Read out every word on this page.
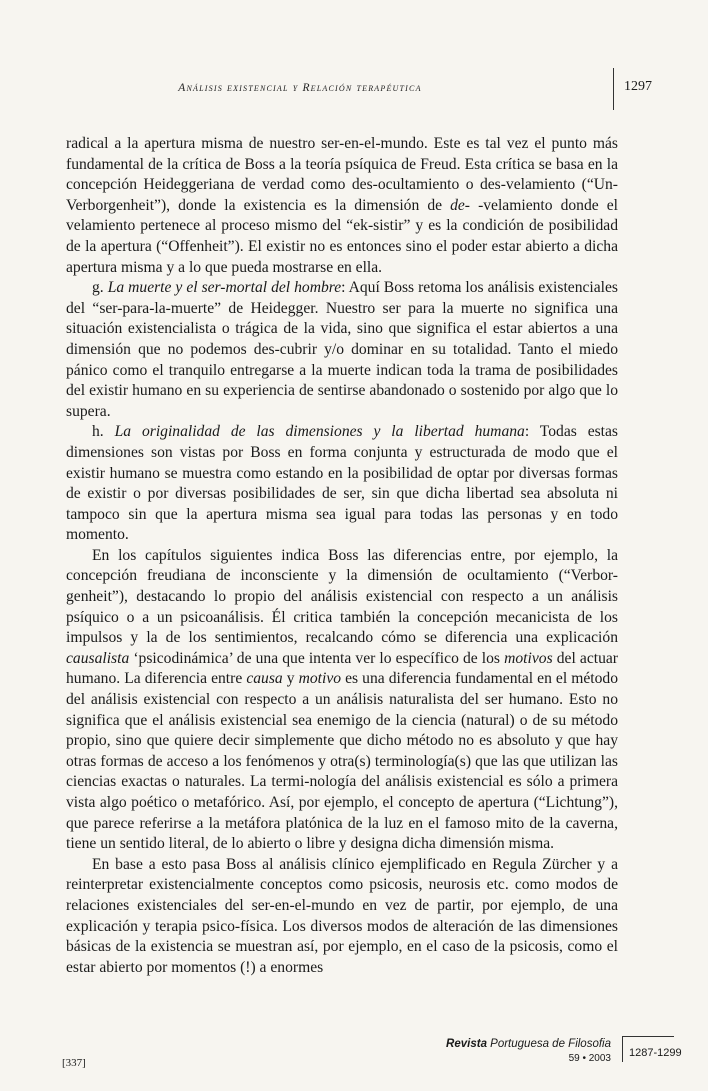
Análisis existencial y Relación terapéutica	1297

radical a la apertura misma de nuestro ser-en-el-mundo. Este es tal vez el punto más fundamental de la crítica de Boss a la teoría psíquica de Freud. Esta crítica se basa en la concepción Heideggeriana de verdad como des-ocultamiento o des-velamiento (“Un-Verborgenheit”), donde la existencia es la dimensión de de- -velamiento donde el velamiento pertenece al proceso mismo del “ek-sistir” y es la condición de posibilidad de la apertura (“Offenheit”). El existir no es entonces sino el poder estar abierto a dicha apertura misma y a lo que pueda mostrarse en ella.

g. La muerte y el ser-mortal del hombre: Aquí Boss retoma los análisis existenciales del “ser-para-la-muerte” de Heidegger. Nuestro ser para la muerte no significa una situación existencialista o trágica de la vida, sino que significa el estar abiertos a una dimensión que no podemos des-cubrir y/o dominar en su totalidad. Tanto el miedo pánico como el tranquilo entregarse a la muerte indican toda la trama de posibilidades del existir humano en su experiencia de sentirse abandonado o sostenido por algo que lo supera.

h. La originalidad de las dimensiones y la libertad humana: Todas estas dimensiones son vistas por Boss en forma conjunta y estructurada de modo que el existir humano se muestra como estando en la posibilidad de optar por diversas formas de existir o por diversas posibilidades de ser, sin que dicha libertad sea absoluta ni tampoco sin que la apertura misma sea igual para todas las personas y en todo momento.

En los capítulos siguientes indica Boss las diferencias entre, por ejemplo, la concepción freudiana de inconsciente y la dimensión de ocultamiento (“Verbor-genheit”), destacando lo propio del análisis existencial con respecto a un análisis psíquico o a un psicoanálisis. Él critica también la concepción mecanicista de los impulsos y la de los sentimientos, recalcando cómo se diferencia una explicación causalista ‘psicodinámica’ de una que intenta ver lo específico de los motivos del actuar humano. La diferencia entre causa y motivo es una diferencia fundamental en el método del análisis existencial con respecto a un análisis naturalista del ser humano. Esto no significa que el análisis existencial sea enemigo de la ciencia (natural) o de su método propio, sino que quiere decir simplemente que dicho método no es absoluto y que hay otras formas de acceso a los fenómenos y otra(s) terminología(s) que las que utilizan las ciencias exactas o naturales. La termi-nología del análisis existencial es sólo a primera vista algo poético o metafórico. Así, por ejemplo, el concepto de apertura (“Lichtung”), que parece referirse a la metáfora platónica de la luz en el famoso mito de la caverna, tiene un sentido literal, de lo abierto o libre y designa dicha dimensión misma.

En base a esto pasa Boss al análisis clínico ejemplificado en Regula Zürcher y a reinterpretar existencialmente conceptos como psicosis, neurosis etc. como modos de relaciones existenciales del ser-en-el-mundo en vez de partir, por ejemplo, de una explicación y terapia psico-física. Los diversos modos de alteración de las dimensiones básicas de la existencia se muestran así, por ejemplo, en el caso de la psicosis, como el estar abierto por momentos (!) a enormes

Revista Portuguesa de Filosofia
59 • 2003 1287-1299
[337]
